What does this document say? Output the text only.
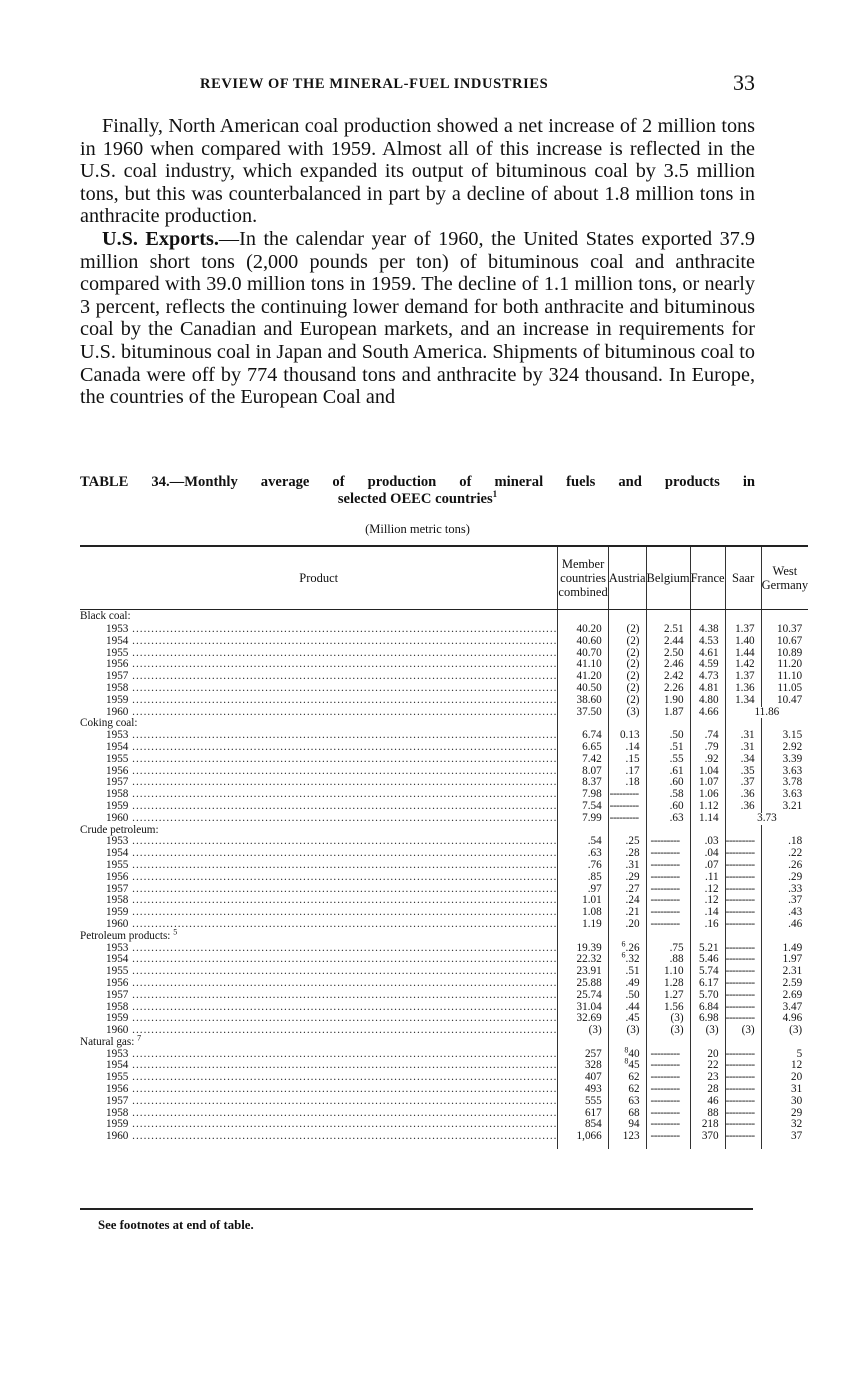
REVIEW OF THE MINERAL-FUEL INDUSTRIES	33

Finally, North American coal production showed a net increase of 2 million tons in 1960 when compared with 1959. Almost all of this increase is reflected in the U.S. coal industry, which expanded its output of bituminous coal by 3.5 million tons, but this was counterbalanced in part by a decline of about 1.8 million tons in anthracite production.

U.S. Exports.—In the calendar year of 1960, the United States exported 37.9 million short tons (2,000 pounds per ton) of bituminous coal and anthracite compared with 39.0 million tons in 1959. The decline of 1.1 million tons, or nearly 3 percent, reflects the continuing lower demand for both anthracite and bituminous coal by the Canadian and European markets, and an increase in requirements for U.S. bituminous coal in Japan and South America. Shipments of bituminous coal to Canada were off by 774 thousand tons and anthracite by 324 thousand. In Europe, the countries of the European Coal and

TABLE 34.—Monthly average of production of mineral fuels and products in
selected OEEC countries$^1$
(Million metric tons)
Product	Member
countries
combined	Austria	Belgium	France	Saar	West
Germany
Black coal:						

1953 .....	40.20	(2)	2.51	4.38	1.37	10.37

1954 .....	40.60	(2)	2.44	4.53	1.40	10.67

1955 .....	40.70	(2)	2.50	4.61	1.44	10.89

1956 .....	41.10	(2)	2.46	4.59	1.42	11.20

1957 .....	41.20	(2)	2.42	4.73	1.37	11.10

1958 .....	40.50	(2)	2.26	4.81	1.36	11.05

1959 .....	38.60	(2)	1.90	4.80	1.34	10.47

1960 .....	37.50	(3)	1.87	4.66	11.86	
Coking coal:						

1953 .....	6.74	0.13	.50	.74	.31	3.15

1954 .....	6.65	.14	.51	.79	.31	2.92

1955 .....	7.42	.15	.55	.92	.34	3.39

1956 .....	8.07	.17	.61	1.04	.35	3.63

1957 .....	8.37	.18	.60	1.07	.37	3.78

1958 .....	7.98	---------	.58	1.06	.36	3.63

1959 .....	7.54	---------	.60	1.12	.36	3.21

1960 .....	7.99	---------	.63	1.14	3.73	
Crude petroleum:						

1953 .....	.54	.25	---------	.03	---------	.18

1954 .....	.63	.28	---------	.04	---------	.22

1955 .....	.76	.31	---------	.07	---------	.26

1956 .....	.85	.29	---------	.11	---------	.29

1957 .....	.97	.27	---------	.12	---------	.33

1958 .....	1.01	.24	---------	.12	---------	.37

1959 .....	1.08	.21	---------	.14	---------	.43

1960 .....	1.19	.20	---------	.16	---------	.46
Petroleum products: $^5$						

1953 .....	19.39	$^6$.26	.75	5.21	---------	1.49

1954 .....	22.32	$^6$.32	.88	5.46	---------	1.97

1955 .....	23.91	.51	1.10	5.74	---------	2.31

1956 .....	25.88	.49	1.28	6.17	---------	2.59

1957 .....	25.74	.50	1.27	5.70	---------	2.69

1958 .....	31.04	.44	1.56	6.84	---------	3.47

1959 .....	32.69	.45	(3)	6.98	---------	4.96

1960 .....	(3)	(3)	(3)	(3)	(3)	(3)
Natural gas: $^7$						

1953 .....	257	$^8$40	---------	20	---------	5

1954 .....	328	$^8$45	---------	22	---------	12

1955 .....	407	62	---------	23	---------	20

1956 .....	493	62	---------	28	---------	31

1957 .....	555	63	---------	46	---------	30

1958 .....	617	68	---------	88	---------	29

1959 .....	854	94	---------	218	---------	32

1960 .....	1,066	123	---------	370	---------	37
See footnotes at end of table.
